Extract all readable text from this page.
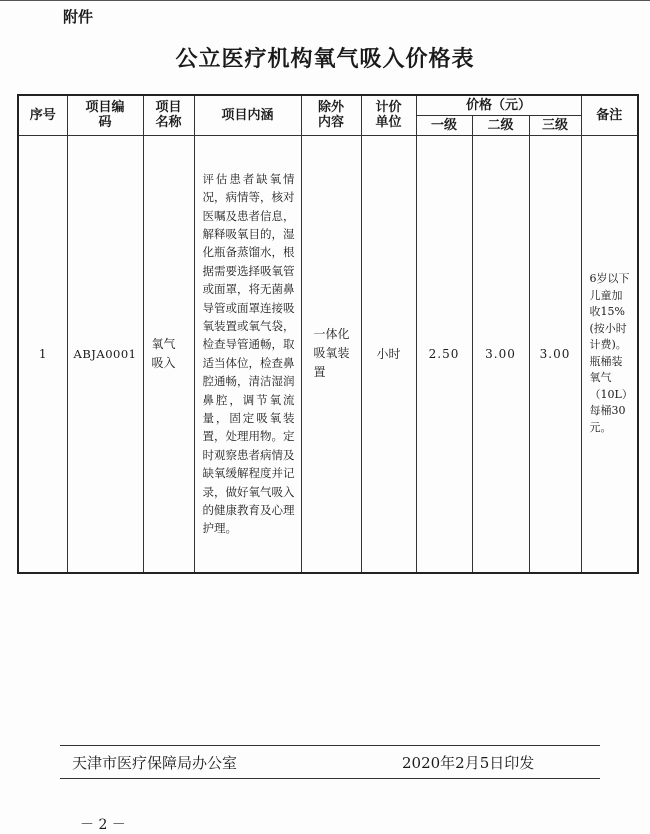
附件
公立医疗机构氧气吸入价格表
序号	项目编码	项目名称	项目内涵	除外内容	计价单位	价格（元）			备注
						一级	二级	三级	
1	ABJA0001	氧气吸入	评估患者缺氧情况，病情等，核对医嘱及患者信息，解释吸氧目的，湿化瓶备蒸馏水，根据需要选择吸氧管或面罩，将无菌鼻导管或面罩连接吸氧装置或氧气袋，检查导管通畅，取适当体位，检查鼻腔通畅，清洁湿润鼻腔，调节氧流量，固定吸氧装置，处理用物。定时观察患者病情及缺氧缓解程度并记录，做好氧气吸入的健康教育及心理护理。	一体化吸氧装置	小时	2.50	3.00	3.00	6岁以下儿童加收15%(按小时计费)。瓶桶装氧气（10L）每桶30元。
天津市医疗保障局办公室	2020年2月5日印发
－ 2 －
